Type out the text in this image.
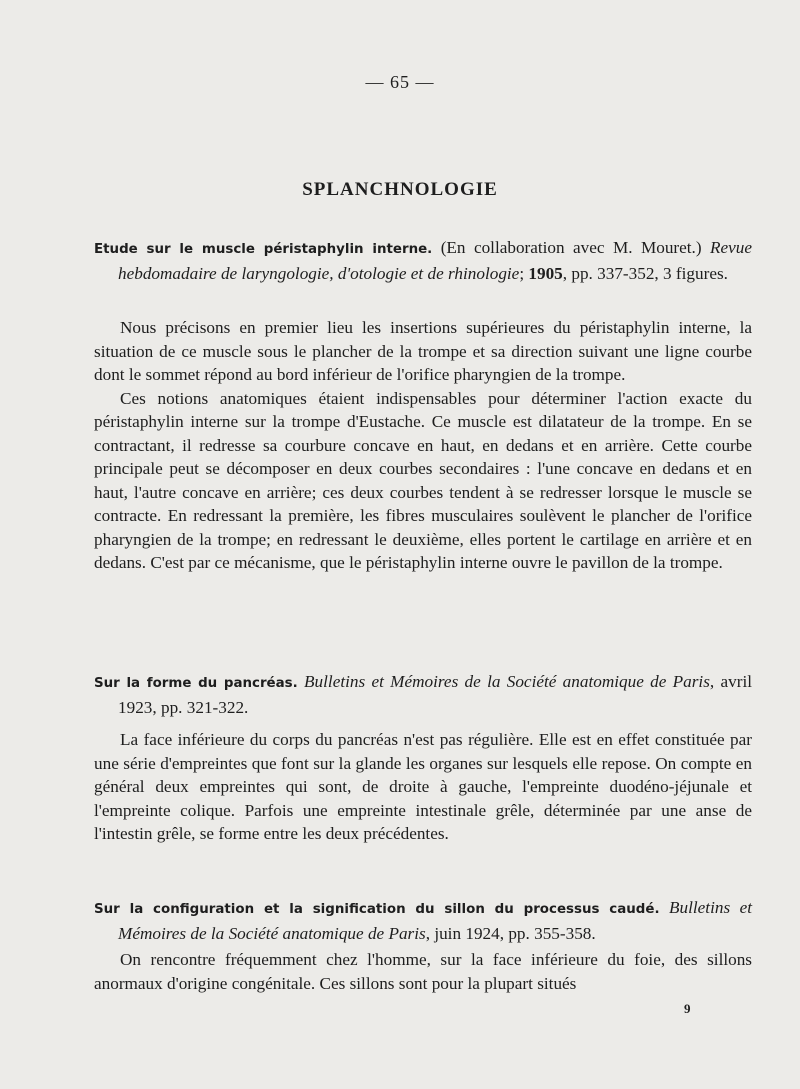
— 65 —
SPLANCHNOLOGIE

Etude sur le muscle péristaphylin interne. (En collaboration avec M. Mouret.) Revue hebdomadaire de laryngologie, d'otologie et de rhinologie; 1905, pp. 337-352, 3 figures.

Nous précisons en premier lieu les insertions supérieures du péristaphylin interne, la situation de ce muscle sous le plancher de la trompe et sa direction suivant une ligne courbe dont le sommet répond au bord inférieur de l'orifice pharyngien de la trompe.

Ces notions anatomiques étaient indispensables pour déterminer l'action exacte du péristaphylin interne sur la trompe d'Eustache. Ce muscle est dilatateur de la trompe. En se contractant, il redresse sa courbure concave en haut, en dedans et en arrière. Cette courbe principale peut se décomposer en deux courbes secondaires : l'une concave en dedans et en haut, l'autre concave en arrière; ces deux courbes tendent à se redresser lorsque le muscle se contracte. En redressant la première, les fibres musculaires soulèvent le plancher de l'orifice pharyngien de la trompe; en redressant le deuxième, elles portent le cartilage en arrière et en dedans. C'est par ce mécanisme, que le péristaphylin interne ouvre le pavillon de la trompe.

Sur la forme du pancréas. Bulletins et Mémoires de la Société anatomique de Paris, avril 1923, pp. 321-322.

La face inférieure du corps du pancréas n'est pas régulière. Elle est en effet constituée par une série d'empreintes que font sur la glande les organes sur lesquels elle repose. On compte en général deux empreintes qui sont, de droite à gauche, l'empreinte duodéno-jéjunale et l'empreinte colique. Parfois une empreinte intestinale grêle, déterminée par une anse de l'intestin grêle, se forme entre les deux précédentes.

Sur la configuration et la signification du sillon du processus caudé. Bulletins et Mémoires de la Société anatomique de Paris, juin 1924, pp. 355-358.

On rencontre fréquemment chez l'homme, sur la face inférieure du foie, des sillons anormaux d'origine congénitale. Ces sillons sont pour la plupart situés

9
